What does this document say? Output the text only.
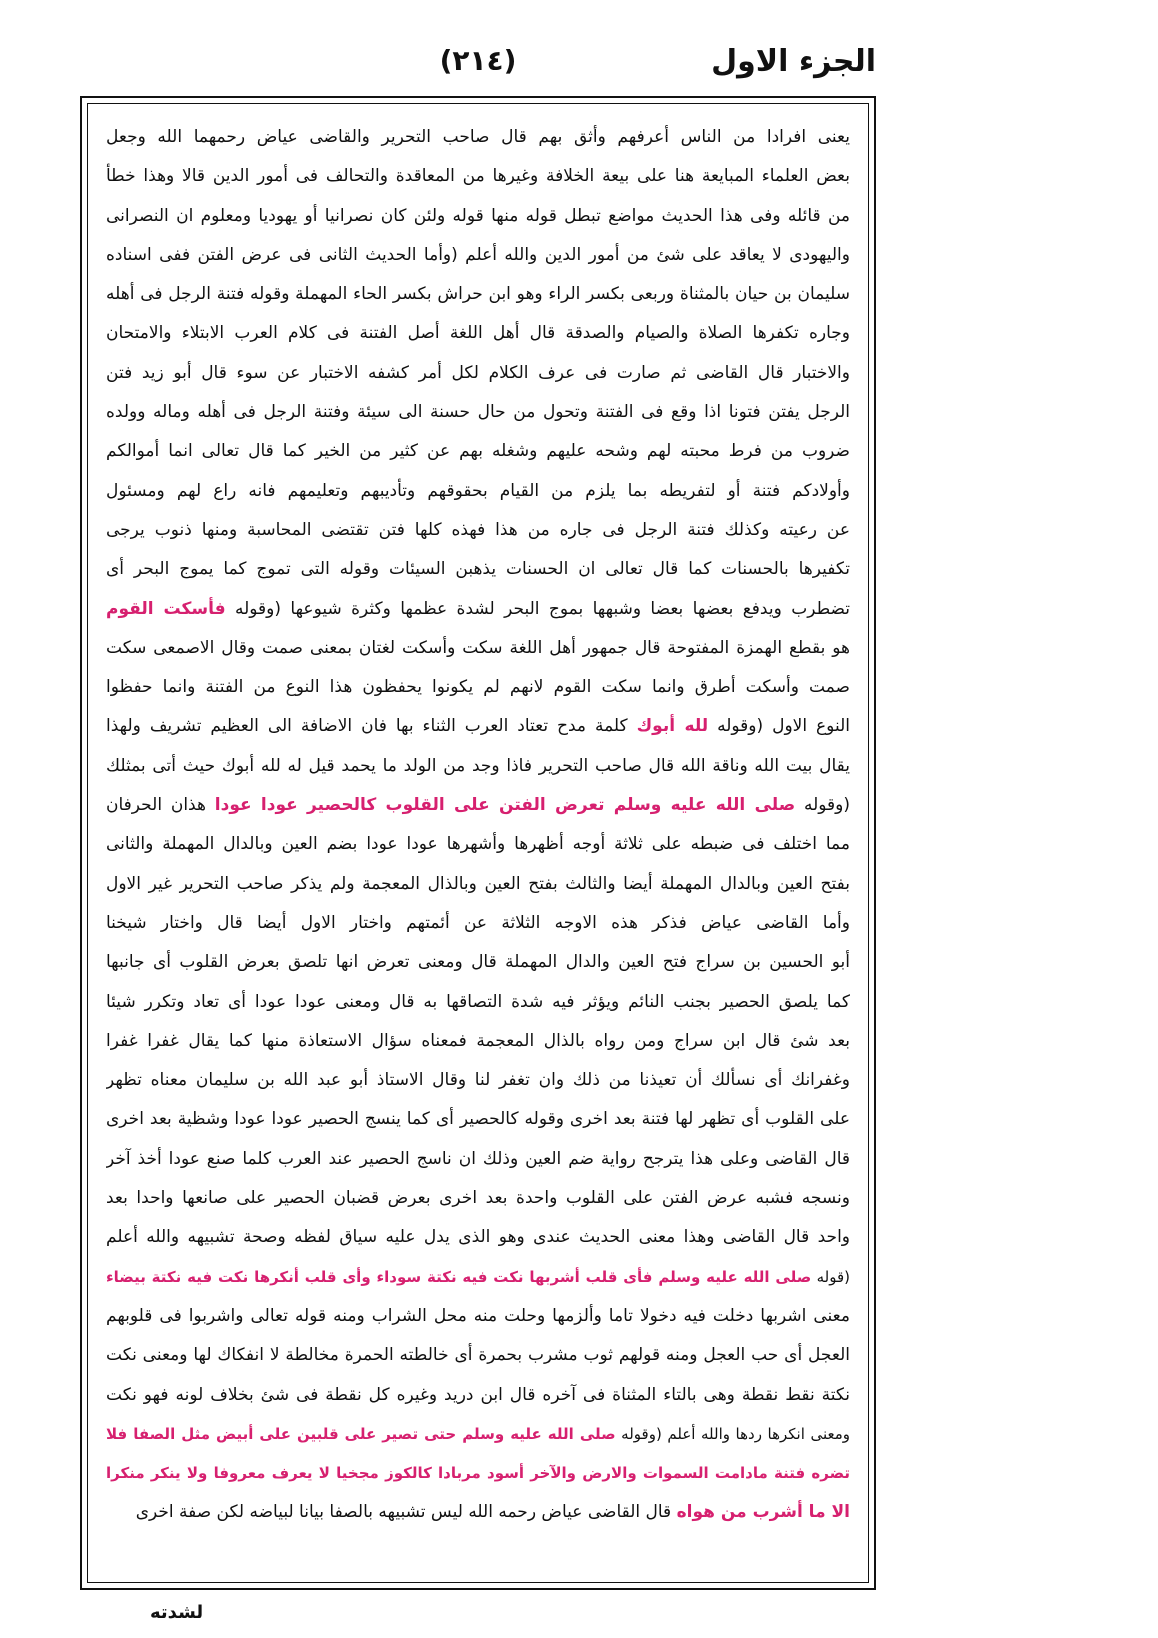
الجزء الاول
(٢١٤)
يعنى افرادا من الناس أعرفهم وأثق بهم قال صاحب التحرير والقاضى عياض رحمهما الله وجعل
بعض العلماء المبايعة هنا على بيعة الخلافة وغيرها من المعاقدة والتحالف فى أمور الدين قالا وهذا خطأ
من قائله وفى هذا الحديث مواضع تبطل قوله منها قوله ولئن كان نصرانيا أو يهوديا ومعلوم ان النصرانى
واليهودى لا يعاقد على شئ من أمور الدين والله أعلم (وأما الحديث الثانى فى عرض الفتن ففى اسناده
سليمان بن حيان بالمثناة وربعى بكسر الراء وهو ابن حراش بكسر الحاء المهملة وقوله فتنة الرجل فى أهله
وجاره تكفرها الصلاة والصيام والصدقة قال أهل اللغة أصل الفتنة فى كلام العرب الابتلاء والامتحان
والاختبار قال القاضى ثم صارت فى عرف الكلام لكل أمر كشفه الاختبار عن سوء قال أبو زيد فتن
الرجل يفتن فتونا اذا وقع فى الفتنة وتحول من حال حسنة الى سيئة وفتنة الرجل فى أهله وماله وولده
ضروب من فرط محبته لهم وشحه عليهم وشغله بهم عن كثير من الخير كما قال تعالى انما أموالكم
وأولادكم فتنة أو لتفريطه بما يلزم من القيام بحقوقهم وتأديبهم وتعليمهم فانه راع لهم ومسئول
عن رعيته وكذلك فتنة الرجل فى جاره من هذا فهذه كلها فتن تقتضى المحاسبة ومنها ذنوب يرجى
تكفيرها بالحسنات كما قال تعالى ان الحسنات يذهبن السيئات وقوله التى تموج كما يموج البحر أى
تضطرب ويدفع بعضها بعضا وشبهها بموج البحر لشدة عظمها وكثرة شيوعها (وقوله فأسكت القوم
هو بقطع الهمزة المفتوحة قال جمهور أهل اللغة سكت وأسكت لغتان بمعنى صمت وقال الاصمعى سكت
صمت وأسكت أطرق وانما سكت القوم لانهم لم يكونوا يحفظون هذا النوع من الفتنة وانما حفظوا
النوع الاول (وقوله لله أبوك كلمة مدح تعتاد العرب الثناء بها فان الاضافة الى العظيم تشريف ولهذا
يقال بيت الله وناقة الله قال صاحب التحرير فاذا وجد من الولد ما يحمد قيل له لله أبوك حيث أتى بمثلك
(وقوله صلى الله عليه وسلم تعرض الفتن على القلوب كالحصير عودا عودا هذان الحرفان
مما اختلف فى ضبطه على ثلاثة أوجه أظهرها وأشهرها عودا عودا بضم العين وبالدال المهملة والثانى
بفتح العين وبالدال المهملة أيضا والثالث بفتح العين وبالذال المعجمة ولم يذكر صاحب التحرير غير الاول
وأما القاضى عياض فذكر هذه الاوجه الثلاثة عن أئمتهم واختار الاول أيضا قال واختار شيخنا
أبو الحسين بن سراج فتح العين والدال المهملة قال ومعنى تعرض انها تلصق بعرض القلوب أى جانبها
كما يلصق الحصير بجنب النائم ويؤثر فيه شدة التصاقها به قال ومعنى عودا عودا أى تعاد وتكرر شيئا
بعد شئ قال ابن سراج ومن رواه بالذال المعجمة فمعناه سؤال الاستعاذة منها كما يقال غفرا غفرا
وغفرانك أى نسألك أن تعيذنا من ذلك وان تغفر لنا وقال الاستاذ أبو عبد الله بن سليمان معناه تظهر
على القلوب أى تظهر لها فتنة بعد اخرى وقوله كالحصير أى كما ينسج الحصير عودا عودا وشظية بعد اخرى
قال القاضى وعلى هذا يترجح رواية ضم العين وذلك ان ناسج الحصير عند العرب كلما صنع عودا أخذ آخر
ونسجه فشبه عرض الفتن على القلوب واحدة بعد اخرى بعرض قضبان الحصير على صانعها واحدا بعد
واحد قال القاضى وهذا معنى الحديث عندى وهو الذى يدل عليه سياق لفظه وصحة تشبيهه والله أعلم
(قوله صلى الله عليه وسلم فأى قلب أشربها نكت فيه نكتة سوداء وأى قلب أنكرها نكت فيه نكتة بيضاء
معنى اشربها دخلت فيه دخولا تاما وألزمها وحلت منه محل الشراب ومنه قوله تعالى واشربوا فى قلوبهم
العجل أى حب العجل ومنه قولهم ثوب مشرب بحمرة أى خالطته الحمرة مخالطة لا انفكاك لها ومعنى نكت
نكتة نقط نقطة وهى بالتاء المثناة فى آخره قال ابن دريد وغيره كل نقطة فى شئ بخلاف لونه فهو نكت
ومعنى انكرها ردها والله أعلم (وقوله صلى الله عليه وسلم حتى تصير على قلبين على أبيض مثل الصفا فلا
تضره فتنة مادامت السموات والارض والآخر أسود مربادا كالكوز مجخيا لا يعرف معروفا ولا ينكر منكرا
الا ما أشرب من هواه قال القاضى عياض رحمه الله ليس تشبيهه بالصفا بيانا لبياضه لكن صفة اخرى
لشدته
